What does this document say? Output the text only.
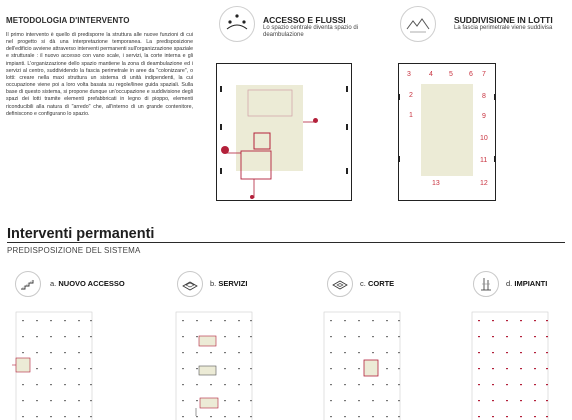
METODOLOGIA D'INTERVENTO
Il primo intervento è quello di predisporre la struttura alle nuove funzioni di cui nel progetto si dà una interpretazione temporanea. La predisposizione dell'edificio avviene attraverso interventi permanenti sull'organizzazione spaziale e strutturale : il nuovo accesso con vano scale, i servizi, la corte interna e gli impianti. L'organizzazione dello spazio mantiene la zona di deambulazione ed i servizi al centro, suddividendo la fascia perimetrale in aree da "colonizzare", o lotti: creare nella maxi struttura un sistema di unità indipendenti, la cui occupazione viene poi a loro volta basata su regole/linee guida spaziali. Sulla base di questo sistema, si propone dunque un'occupazione e suddivisione degli spazi dei lotti tramite elementi prefabbricati in legno di pioppo, elementi riconducibili alla natura di "arredo" che, all'interno di un grande contenitore, definiscono e configurano lo spazio.
ACCESSO E FLUSSI
Lo spazio centrale diventa spazio di deambulazione
SUDDIVISIONE IN LOTTI
La fascia perimetrale viene suddivisa
3	4 5 6 7
2	8
1	9
10
11
13	12
Interventi permanenti
PREDISPOSIZIONE DEL SISTEMA
a. NUOVO ACCESSO	b. SERVIZI	c. CORTE	d. IMPIANTI
